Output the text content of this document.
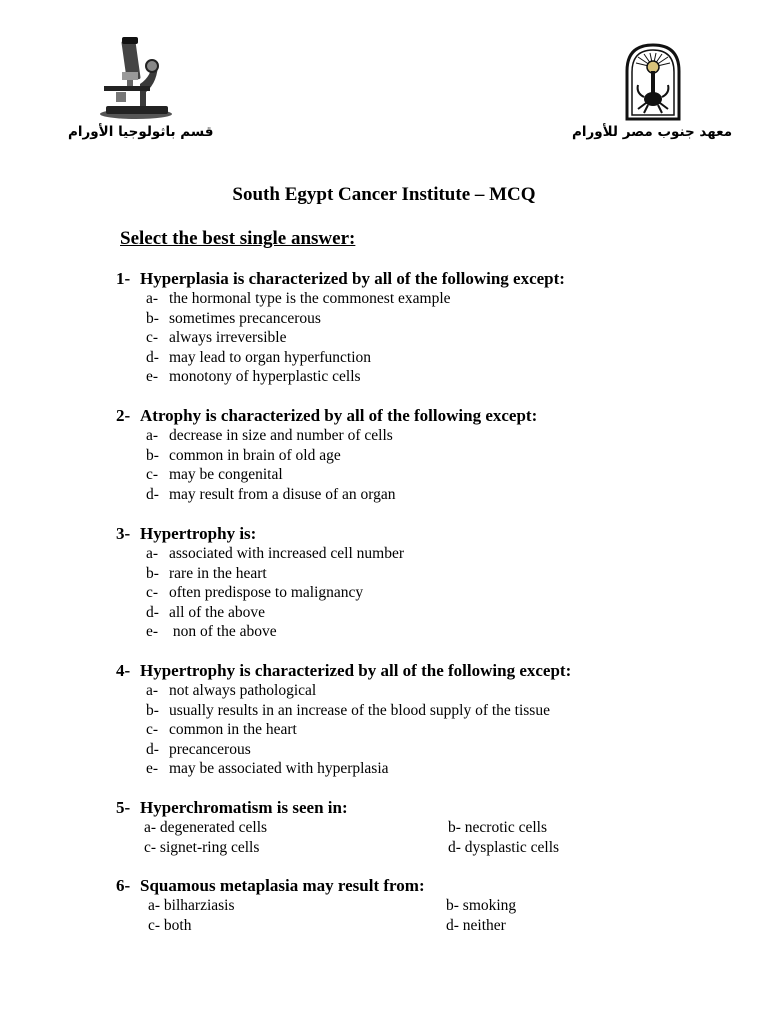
قسم باثولوجيا الأورام	معهد جنوب مصر للأورام
South Egypt Cancer Institute – MCQ
Select the best single answer:
1- Hyperplasia is characterized by all of the following except:
a- the hormonal type is the commonest example
b- sometimes precancerous
c- always irreversible
d- may lead to organ hyperfunction
e- monotony of hyperplastic cells
2- Atrophy is characterized by all of the following except:
a- decrease in size and number of cells
b- common in brain of old age
c- may be congenital
d- may result from a disuse of an organ
3- Hypertrophy is:
a- associated with increased cell number
b- rare in the heart
c- often predispose to malignancy
d- all of the above
e- non of the above
4- Hypertrophy is characterized by all of the following except:
a- not always pathological
b- usually results in an increase of the blood supply of the tissue
c- common in the heart
d- precancerous
e- may be associated with hyperplasia
5- Hyperchromatism is seen in:
a- degenerated cells	b- necrotic cells
c- signet-ring cells	d- dysplastic cells
6- Squamous metaplasia may result from:
a- bilharziasis	b- smoking
c- both	d- neither
